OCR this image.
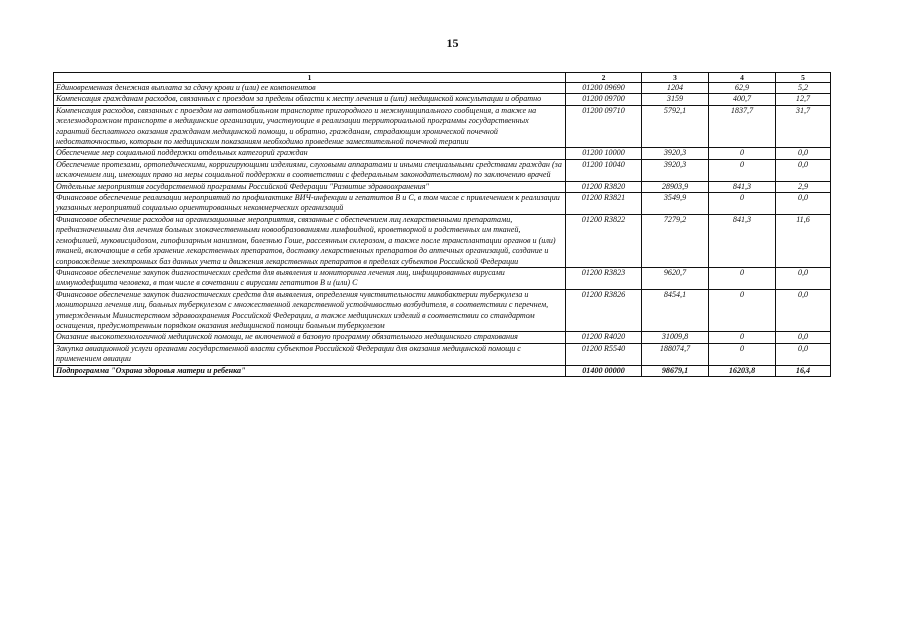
15
1	2	3	4	5
Единовременная денежная выплата за сдачу крови и (или) ее компонентов	01200 09690	1204	62,9	5,2
Компенсация гражданам расходов, связанных с проездом за пределы области к месту лечения и (или) медицинской консультации и обратно	01200 09700	3159	400,7	12,7
Компенсация расходов, связанных с проездом на автомобильном транспорте пригородного и межмуниципального сообщения, а также на железнодорожном транспорте в медицинские организации, участвующие в реализации территориальной программы государственных гарантий бесплатного оказания гражданам медицинской помощи, и обратно, гражданам, страдающим хронической почечной недостаточностью, которым по медицинским показаниям необходимо проведение заместительной почечной терапии	01200 09710	5792,1	1837,7	31,7
Обеспечение мер социальной поддержки отдельных категорий граждан	01200 10000	3920,3	0	0,0
Обеспечение протезами, ортопедическими, корригирующими изделиями, слуховыми аппаратами и иными специальными средствами граждан (за исключением лиц, имеющих право на меры социальной поддержки в соответствии с федеральным законодательством) по заключению врачей	01200 10040	3920,3	0	0,0
Отдельные мероприятия государственной программы Российской Федерации "Развитие здравоохранения"	01200 R3820	28903,9	841,3	2,9
Финансовое обеспечение реализации мероприятий по профилактике ВИЧ-инфекции и гепатитов В и С, в том числе с привлечением к реализации указанных мероприятий социально ориентированных некоммерческих организаций	01200 R3821	3549,9	0	0,0
Финансовое обеспечение расходов на организационные мероприятия, связанные с обеспечением лиц лекарственными препаратами, предназначенными для лечения больных злокачественными новообразованиями лимфоидной, кроветворной и родственных им тканей, гемофилией, муковисцидозом, гипофизарным нанизмом, болезнью Гоше, рассеянным склерозом, а также после трансплантации органов и (или) тканей, включающие в себя хранение лекарственных препаратов, доставку лекарственных препаратов до аптечных организаций, создание и сопровождение электронных баз данных учета и движения лекарственных препаратов в пределах субъектов Российской Федерации	01200 R3822	7279,2	841,3	11,6
Финансовое обеспечение закупок диагностических средств для выявления и мониторинга лечения лиц, инфицированных вирусами иммунодефицита человека, в том числе в сочетании с вирусами гепатитов В и (или) С	01200 R3823	9620,7	0	0,0
Финансовое обеспечение закупок диагностических средств для выявления, определения чувствительности микобактерии туберкулеза и мониторинга лечения лиц, больных туберкулезом с множественной лекарственной устойчивостью возбудителя, в соответствии с перечнем, утвержденным Министерством здравоохранения Российской Федерации, а также медицинских изделий в соответствии со стандартом оснащения, предусмотренным порядком оказания медицинской помощи больным туберкулезом	01200 R3826	8454,1	0	0,0
Оказание высокотехнологичной медицинской помощи, не включенной в базовую программу обязательного медицинского страхования	01200 R4020	31009,8	0	0,0
Закупка авиационной услуги органами государственной власти субъектов Российской Федерации для оказания медицинской помощи с применением авиации	01200 R5540	188074,7	0	0,0
Подпрограмма "Охрана здоровья матери и ребенка"	01400 00000	98679,1	16203,8	16,4
